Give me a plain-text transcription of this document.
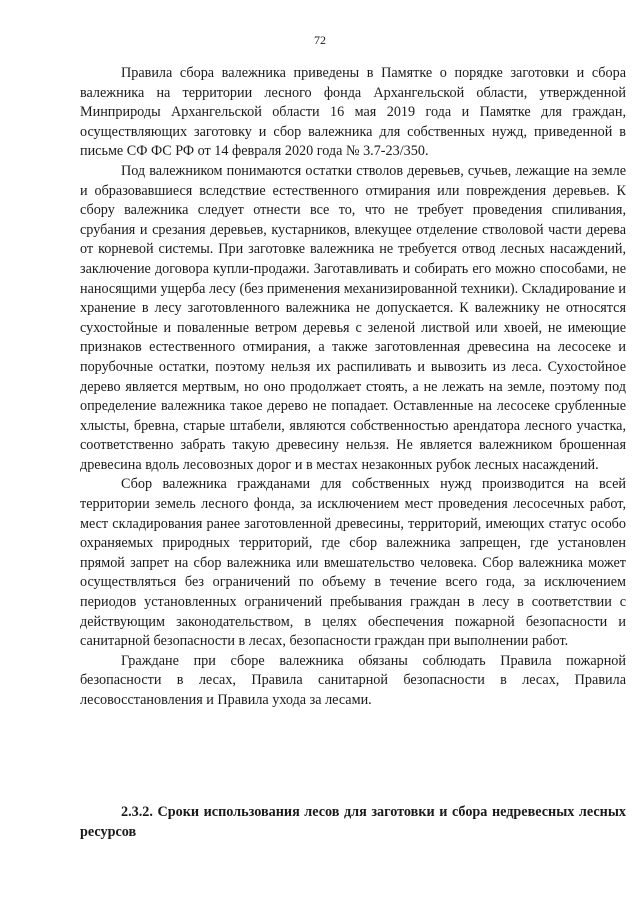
72

Правила сбора валежника приведены в Памятке о порядке заготовки и сбора валежника на территории лесного фонда Архангельской области, утвержденной Минприроды Архангельской области 16 мая 2019 года и Памятке для граждан, осуществляющих заготовку и сбор валежника для собственных нужд, приведенной в письме СФ ФС РФ от 14 февраля 2020 года № 3.7-23/350.

Под валежником понимаются остатки стволов деревьев, сучьев, лежащие на земле и образовавшиеся вследствие естественного отмирания или повреждения деревьев. К сбору валежника следует отнести все то, что не требует проведения спиливания, срубания и срезания деревьев, кустарников, влекущее отделение стволовой части дерева от корневой системы. При заготовке валежника не требуется отвод лесных насаждений, заключение договора купли-продажи. Заготавливать и собирать его можно способами, не наносящими ущерба лесу (без применения механизированной техники). Складирование и хранение в лесу заготовленного валежника не допускается. К валежнику не относятся сухостойные и поваленные ветром деревья с зеленой листвой или хвоей, не имеющие признаков естественного отмирания, а также заготовленная древесина на лесосеке и порубочные остатки, поэтому нельзя их распиливать и вывозить из леса. Сухостойное дерево является мертвым, но оно продолжает стоять, а не лежать на земле, поэтому под определение валежника такое дерево не попадает. Оставленные на лесосеке срубленные хлысты, бревна, старые штабели, являются собственностью арендатора лесного участка, соответственно забрать такую древесину нельзя. Не является валежником брошенная древесина вдоль лесовозных дорог и в местах незаконных рубок лесных насаждений.

Сбор валежника гражданами для собственных нужд производится на всей территории земель лесного фонда, за исключением мест проведения лесосечных работ, мест складирования ранее заготовленной древесины, территорий, имеющих статус особо охраняемых природных территорий, где сбор валежника запрещен, где установлен прямой запрет на сбор валежника или вмешательство человека. Сбор валежника может осуществляться без ограничений по объему в течение всего года, за исключением периодов установленных ограничений пребывания граждан в лесу в соответствии с действующим законодательством, в целях обеспечения пожарной безопасности и санитарной безопасности в лесах, безопасности граждан при выполнении работ.

Граждане при сборе валежника обязаны соблюдать Правила пожарной безопасности в лесах, Правила санитарной безопасности в лесах, Правила лесовосстановления и Правила ухода за лесами.

2.3.2. Сроки использования лесов для заготовки и сбора недревесных лесных ресурсов
